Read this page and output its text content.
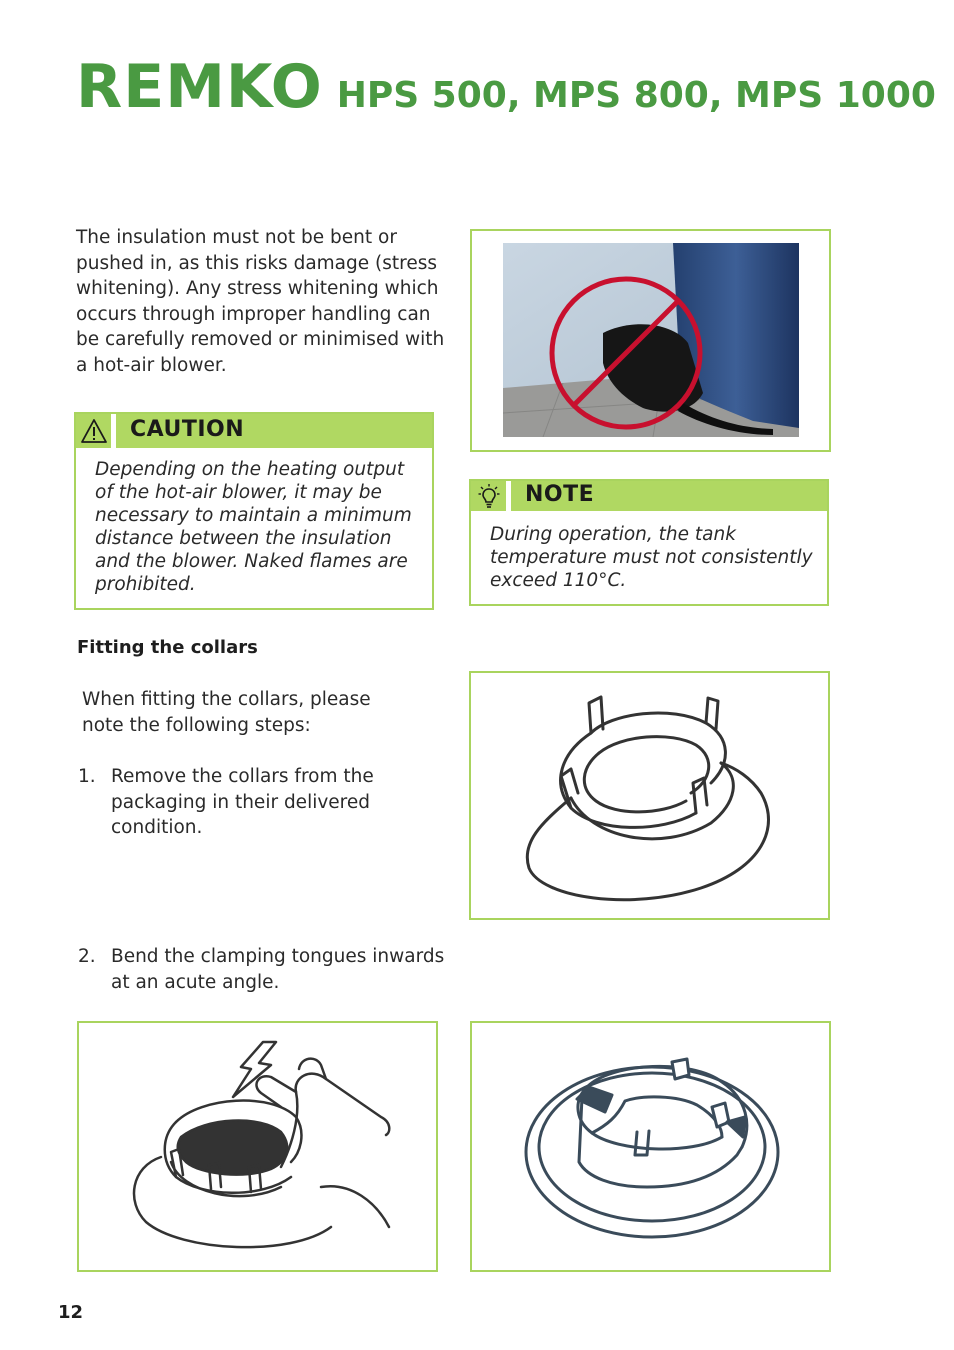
REMKO HPS 500, MPS 800, MPS 1000
The insulation must not be bent or
pushed in, as this risks damage (stress
whitening). Any stress whitening which
occurs through improper handling can
be carefully removed or minimised with
a hot-air blower.
CAUTION
Depending on the heating output
of the hot-air blower, it may be
necessary to maintain a minimum
distance between the insulation
and the blower. Naked flames are
prohibited.
NOTE
During operation, the tank
temperature must not consistently
exceed 110°C.
Fitting the collars
When fitting the collars, please
note the following steps:
1. Remove the collars from the
packaging in their delivered
condition.
2. Bend the clamping tongues inwards
at an acute angle.
12
